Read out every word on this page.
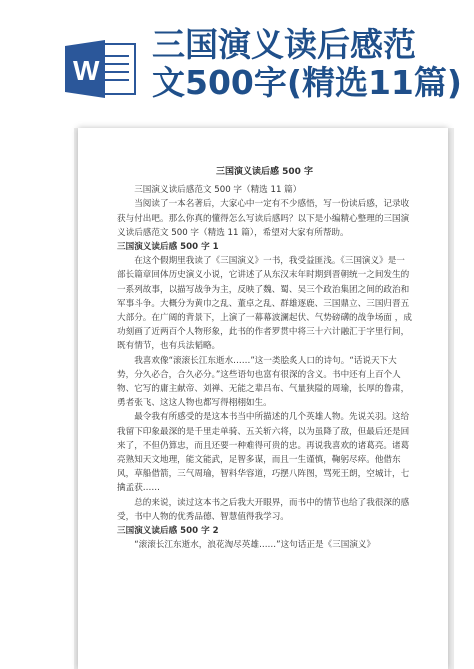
W
三国演义读后感范
文500字(精选11篇)
三国演义读后感 500 字

三国演义读后感范文 500 字（精选 11 篇）

当阅读了一本名著后，大家心中一定有不少感悟，写一份读后感，记录收获与付出吧。那么你真的懂得怎么写读后感吗？以下是小编精心整理的三国演义读后感范文 500 字（精选 11 篇），希望对大家有所帮助。

三国演义读后感 500 字 1

在这个假期里我读了《三国演义》一书，我受益匪浅。《三国演义》是一部长篇章回体历史演义小说，它讲述了从东汉末年时期到晋朝统一之间发生的一系列故事，以描写战争为主，反映了魏、蜀、吴三个政治集团之间的政治和军事斗争。大概分为黄巾之乱、董卓之乱、群雄逐鹿、三国鼎立、三国归晋五大部分。在广阔的背景下，上演了一幕幕波澜起伏、气势磅礴的战争场面 ，成功刻画了近两百个人物形象，此书的作者罗贯中将三十六计融汇于字里行间，既有情节，也有兵法韬略。

我喜欢像“滚滚长江东逝水……”这一类脍炙人口的诗句。“话说天下大势，分久必合，合久必分。”这些语句也富有很深的含义。书中还有上百个人物、它写的庸主献帝、刘禅、无能之辈吕布、气量狭隘的周瑜，长厚的鲁肃，勇者张飞、这这人物也都写得栩栩如生。

最令我有所感受的是这本书当中所描述的几个英雄人物。先说关羽。这给我留下印象最深的是千里走单骑、五关斩六将，以为虽降了敌，但最后还是回来了，不但仍算忠，而且还要一种难得可贵的忠。再说我喜欢的诸葛亮。诸葛亮熟知天文地理，能文能武，足智多谋，而且一生谨慎，鞠躬尽瘁。他借东风，草船借箭，三气周瑜，智料华容道，巧摆八阵图，骂死王朗，空城计，七擒孟获……

总的来说，读过这本书之后我大开眼界，而书中的情节也给了我很深的感受，书中人物的优秀品德、智慧值得我学习。

三国演义读后感 500 字 2

“滚滚长江东逝水，浪花淘尽英雄……”这句话正是《三国演义》
